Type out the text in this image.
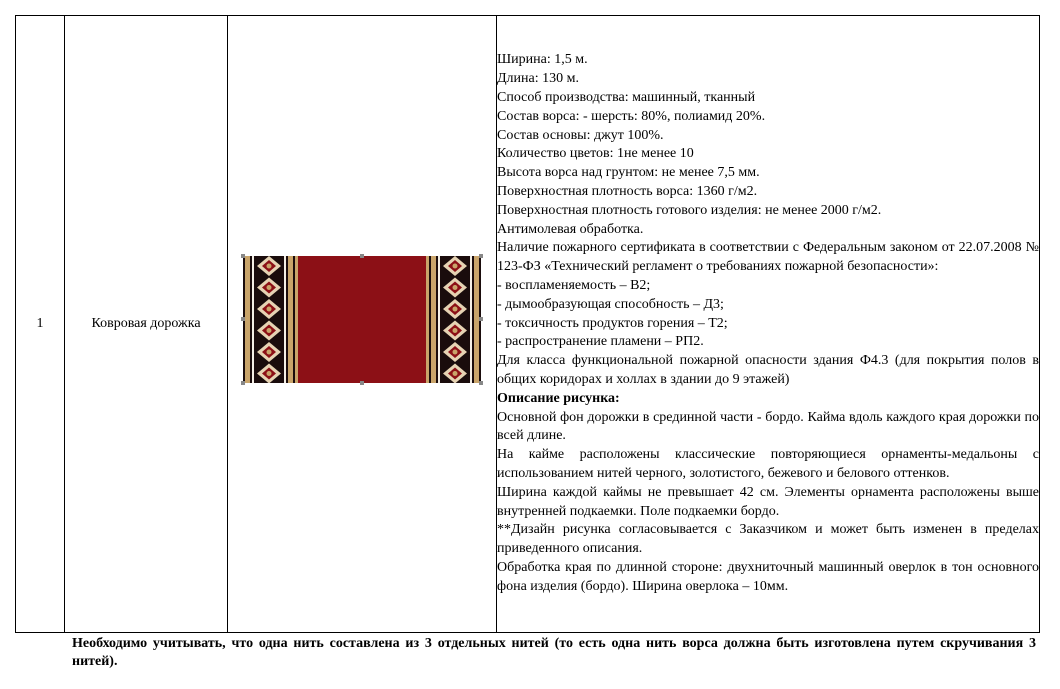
1	Ковровая дорожка	

Ширина: 1,5 м.

Длина: 130 м.

Способ производства: машинный, тканный

Состав ворса: - шерсть: 80%, полиамид 20%.

Состав основы: джут 100%.

Количество цветов: 1не менее 10

Высота ворса над грунтом: не менее 7,5 мм.

Поверхностная плотность ворса: 1360 г/м2.

Поверхностная плотность готового изделия: не менее 2000 г/м2.

Антимолевая обработка.

Наличие пожарного сертификата в соответствии с Федеральным законом от 22.07.2008 № 123-ФЗ «Технический регламент о требованиях пожарной безопасности»:

- воспламеняемость – В2;

- дымообразующая способность – Д3;

- токсичность продуктов горения – Т2;

- распространение пламени – РП2.

Для класса функциональной пожарной опасности здания Ф4.3 (для покрытия полов в общих коридорах и холлах в здании до 9 этажей)

Описание рисунка:

Основной фон дорожки в срединной части - бордо. Кайма вдоль каждого края дорожки по всей длине.

На кайме расположены классические повторяющиеся орнаменты-медальоны с использованием нитей черного, золотистого, бежевого и белового оттенков.

Ширина каждой каймы не превышает 42 см. Элементы орнамента расположены выше внутренней подкаемки. Поле подкаемки бордо.

**Дизайн рисунка согласовывается с Заказчиком и может быть изменен в пределах приведенного описания.

Обработка края по длинной стороне: двухниточный машинный оверлок в тон основного фона изделия (бордо). Ширина оверлока – 10мм.

Необходимо учитывать, что одна нить составлена из 3 отдельных нитей (то есть одна нить ворса должна быть изготовлена путем скручивания 3 нитей).
